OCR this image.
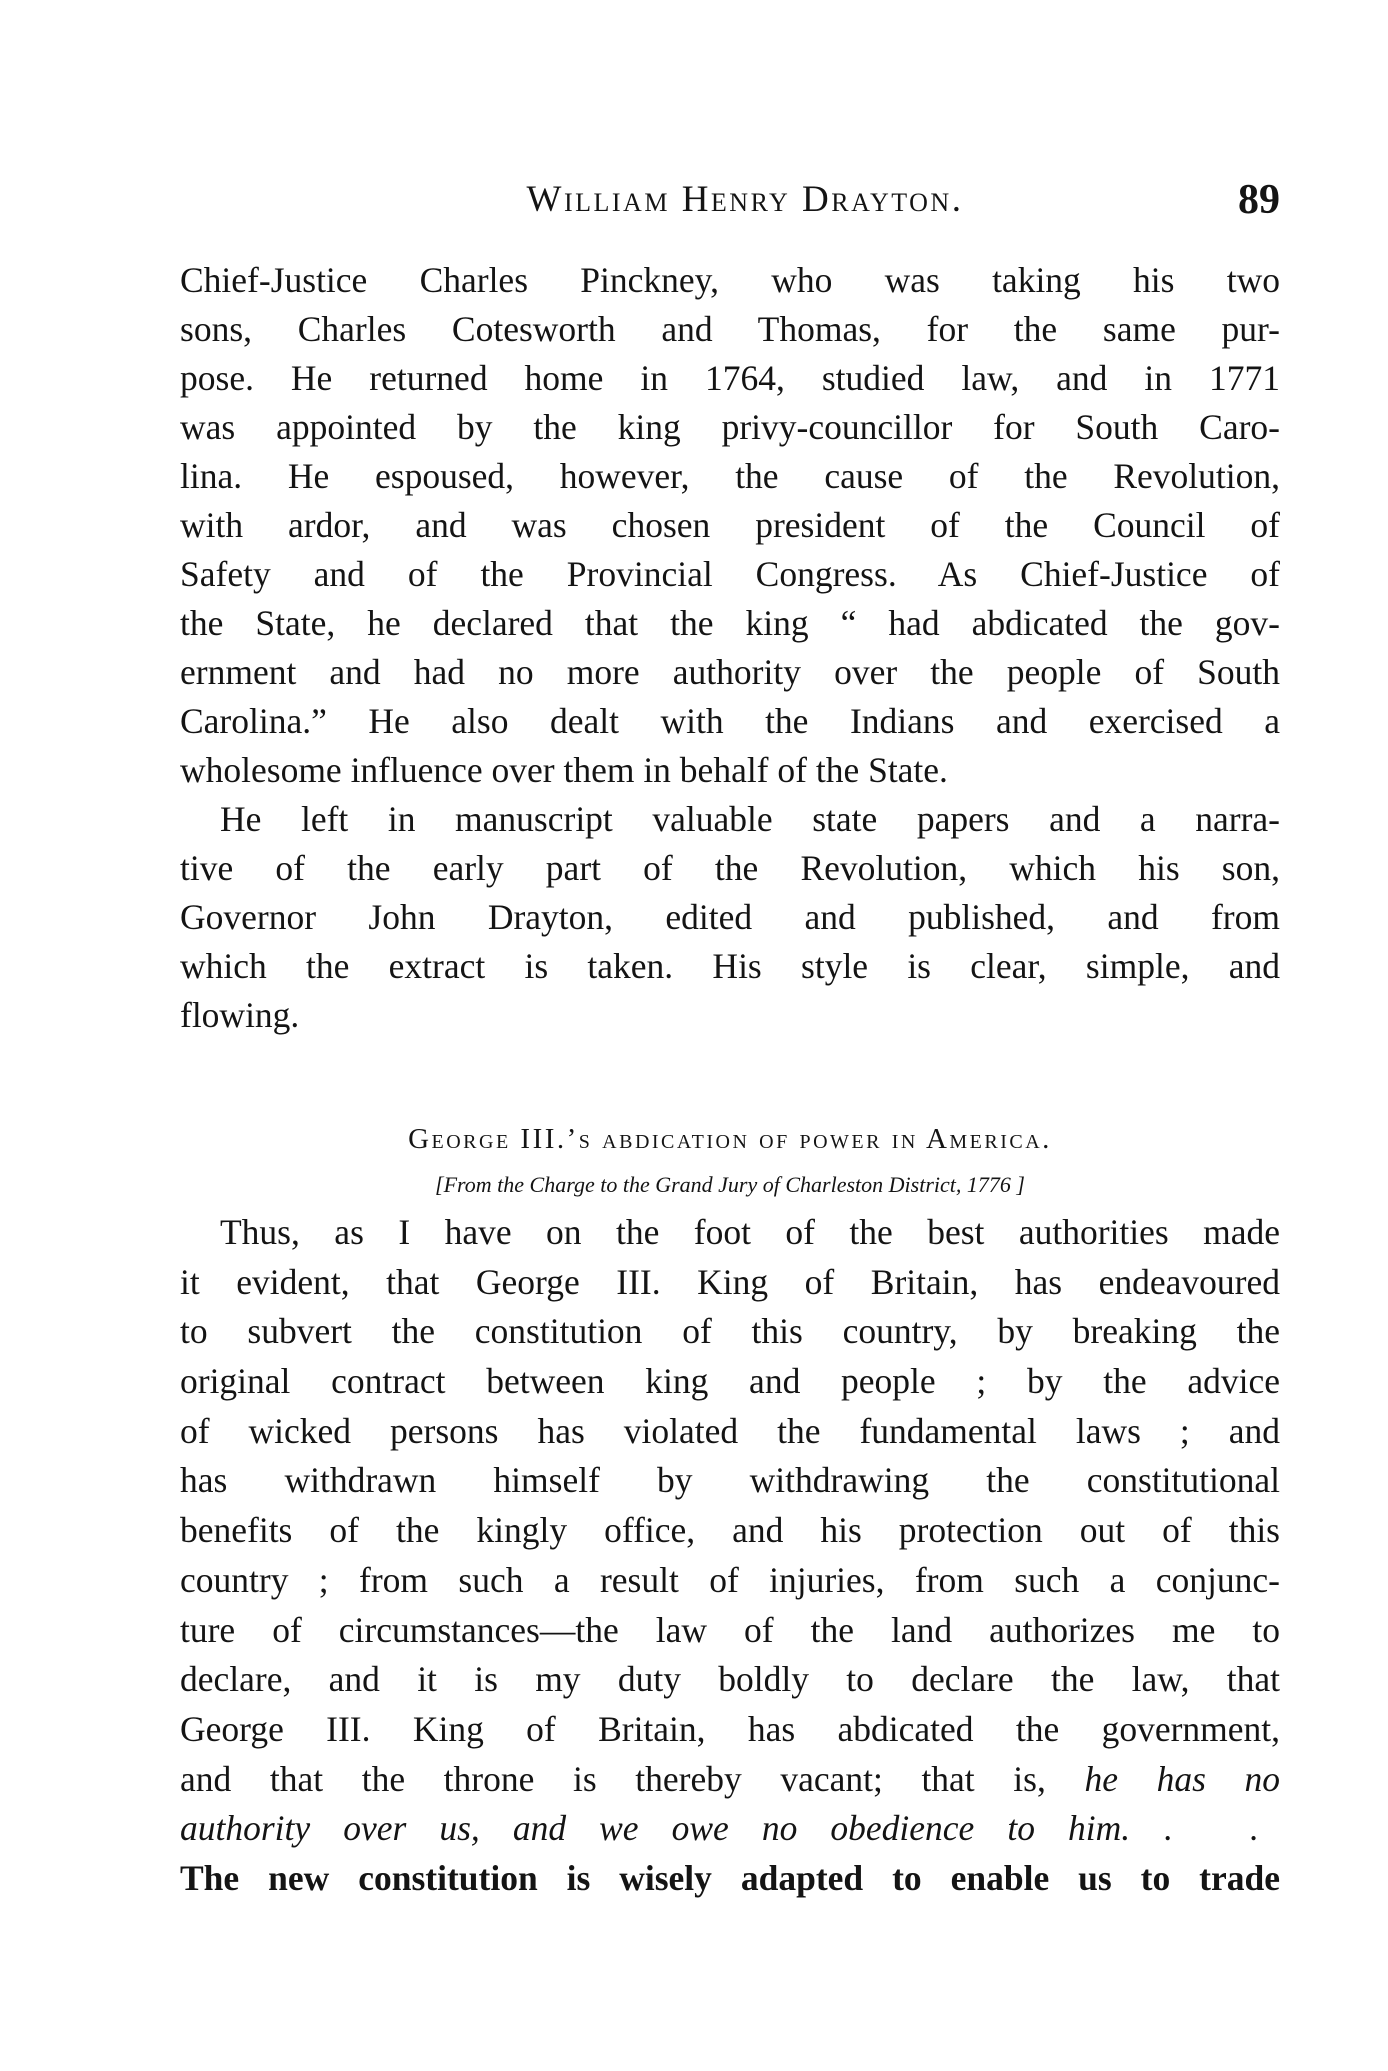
William Henry Drayton.	89
Chief-Justice Charles Pinckney, who was taking his two
sons, Charles Cotesworth and Thomas, for the same pur-
pose. He returned home in 1764, studied law, and in 1771
was appointed by the king privy-councillor for South Caro-
lina. He espoused, however, the cause of the Revolution,
with ardor, and was chosen president of the Council of
Safety and of the Provincial Congress. As Chief-Justice of
the State, he declared that the king “ had abdicated the gov-
ernment and had no more authority over the people of South
Carolina.” He also dealt with the Indians and exercised a
wholesome influence over them in behalf of the State.
He left in manuscript valuable state papers and a narra-
tive of the early part of the Revolution, which his son,
Governor John Drayton, edited and published, and from
which the extract is taken. His style is clear, simple, and
flowing.
George III.’s abdication of power in America.
[From the Charge to the Grand Jury of Charleston District, 1776 ]
Thus, as I have on the foot of the best authorities made
it evident, that George III. King of Britain, has endeavoured
to subvert the constitution of this country, by breaking the
original contract between king and people ; by the advice
of wicked persons has violated the fundamental laws ; and
has withdrawn himself by withdrawing the constitutional
benefits of the kingly office, and his protection out of this
country ; from such a result of injuries, from such a conjunc-
ture of circumstances—the law of the land authorizes me to
declare, and it is my duty boldly to declare the law, that
George III. King of Britain, has abdicated the government,
and that the throne is thereby vacant; that is, he has no
authority over us, and we owe no obedience to him. . .
The new constitution is wisely adapted to enable us to trade
